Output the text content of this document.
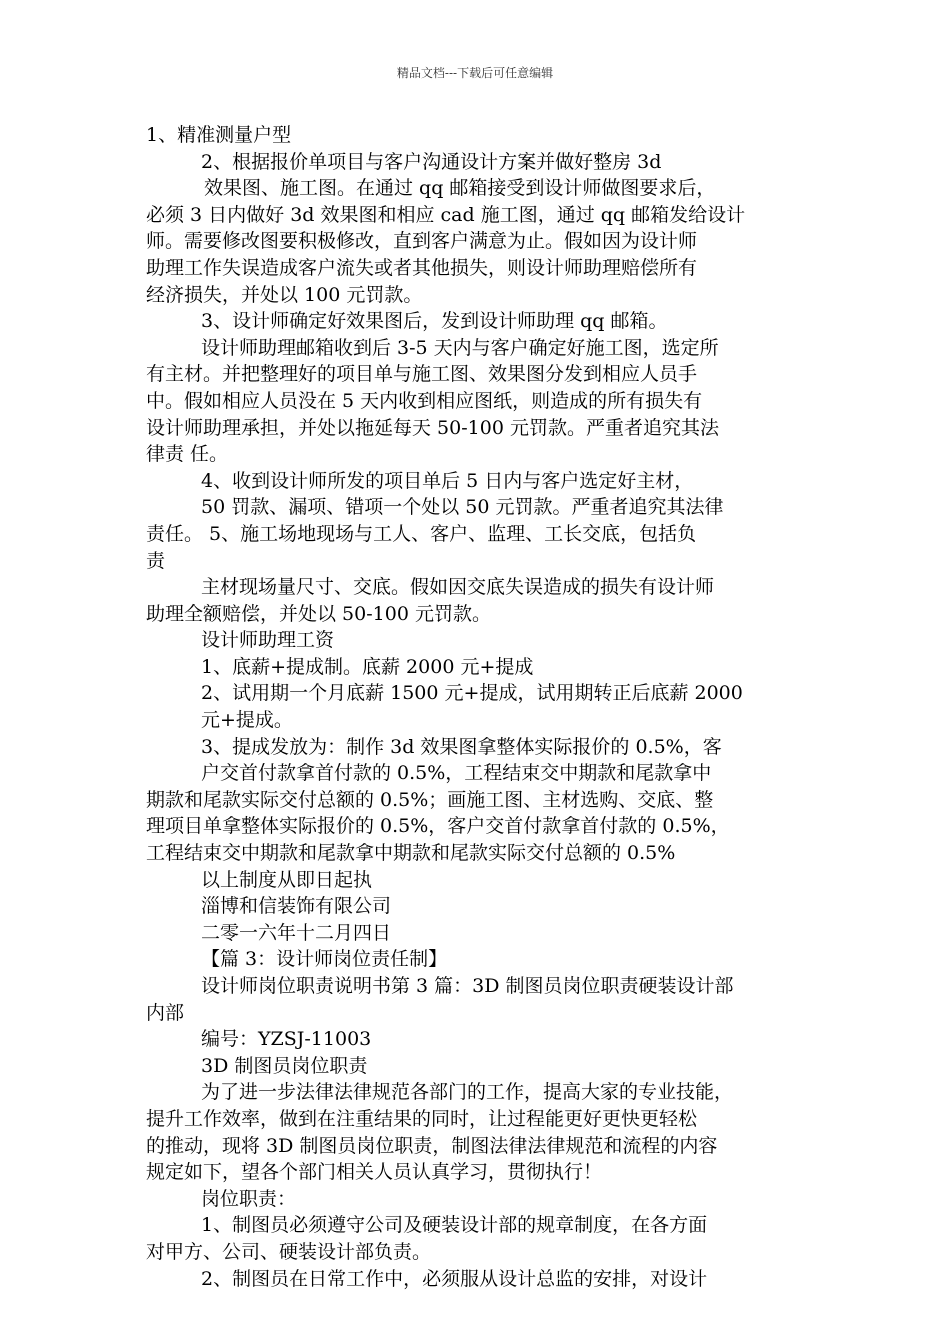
精品文档---下载后可任意编辑
1、精准测量户型
2、根据报价单项目与客户沟通设计方案并做好整房 3d
效果图、施工图。在通过 qq 邮箱接受到设计师做图要求后，
必须 3 日内做好 3d 效果图和相应 cad 施工图，通过 qq 邮箱发给设计
师。需要修改图要积极修改，直到客户满意为止。假如因为设计师
助理工作失误造成客户流失或者其他损失，则设计师助理赔偿所有
经济损失，并处以 100 元罚款。
3、设计师确定好效果图后，发到设计师助理 qq 邮箱。
设计师助理邮箱收到后 3-5 天内与客户确定好施工图，选定所
有主材。并把整理好的项目单与施工图、效果图分发到相应人员手
中。假如相应人员没在 5 天内收到相应图纸，则造成的所有损失有
设计师助理承担，并处以拖延每天 50-100 元罚款。严重者追究其法
律责 任。
4、收到设计师所发的项目单后 5 日内与客户选定好主材，
50 罚款、漏项、错项一个处以 50 元罚款。严重者追究其法律
责任。 5、施工场地现场与工人、客户、监理、工长交底，包括负
责
主材现场量尺寸、交底。假如因交底失误造成的损失有设计师
助理全额赔偿，并处以 50-100 元罚款。
设计师助理工资
1、底薪+提成制。底薪 2000 元+提成
2、试用期一个月底薪 1500 元+提成，试用期转正后底薪 2000
元+提成。
3、提成发放为：制作 3d 效果图拿整体实际报价的 0.5%，客
户交首付款拿首付款的 0.5%，工程结束交中期款和尾款拿中
期款和尾款实际交付总额的 0.5%；画施工图、主材选购、交底、整
理项目单拿整体实际报价的 0.5%，客户交首付款拿首付款的 0.5%，
工程结束交中期款和尾款拿中期款和尾款实际交付总额的 0.5%
以上制度从即日起执
淄博和信装饰有限公司
二零一六年十二月四日
【篇 3：设计师岗位责任制】
设计师岗位职责说明书第 3 篇：3D 制图员岗位职责硬装设计部
内部
编号：YZSJ-11003
3D 制图员岗位职责
为了进一步法律法律规范各部门的工作，提高大家的专业技能，
提升工作效率，做到在注重结果的同时，让过程能更好更快更轻松
的推动，现将 3D 制图员岗位职责，制图法律法律规范和流程的内容
规定如下，望各个部门相关人员认真学习，贯彻执行！
岗位职责：
1、制图员必须遵守公司及硬装设计部的规章制度，在各方面
对甲方、公司、硬装设计部负责。
2、制图员在日常工作中，必须服从设计总监的安排，对设计
